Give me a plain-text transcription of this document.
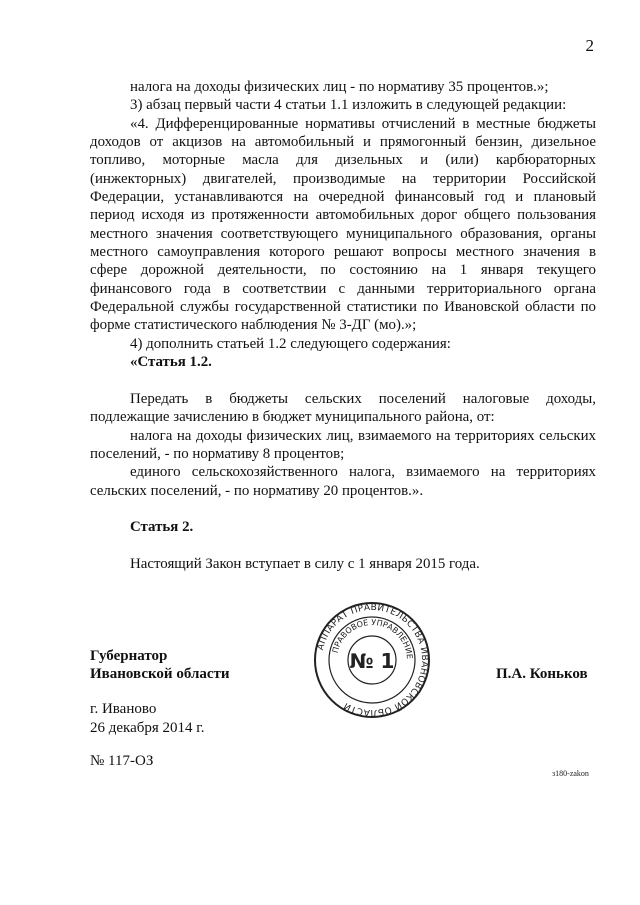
2

налога на доходы физических лиц - по нормативу 35 процентов.»;

3) абзац первый части 4 статьи 1.1 изложить в следующей редакции:

«4. Дифференцированные нормативы отчислений в местные бюджеты доходов от акцизов на автомобильный и прямогонный бензин, дизельное топливо, моторные масла для дизельных и (или) карбюраторных (инжекторных) двигателей, производимые на территории Российской Федерации, устанавливаются на очередной финансовый год и плановый период исходя из протяженности автомобильных дорог общего пользования местного значения соответствующего муниципального образования, органы местного самоуправления которого решают вопросы местного значения в сфере дорожной деятельности, по состоянию на 1 января текущего финансового года в соответствии с данными территориального органа Федеральной службы государственной статистики по Ивановской области по форме статистического наблюдения № 3-ДГ (мо).»;

4) дополнить статьей 1.2 следующего содержания:

«Статья 1.2.

Передать в бюджеты сельских поселений налоговые доходы, подлежащие зачислению в бюджет муниципального района, от:

налога на доходы физических лиц, взимаемого на территориях сельских поселений, - по нормативу 8 процентов;

единого сельскохозяйственного налога, взимаемого на территориях сельских поселений, - по нормативу 20 процентов.».

Статья 2.

Настоящий Закон вступает в силу с 1 января 2015 года.

Губернатор
Ивановской области	П.А. Коньков
АППАРАТ ПРАВИТЕЛЬСТВА ИВАНОВСКОЙ ОБЛАСТИ
ПРАВОВОЕ УПРАВЛЕНИЕ
№ 1
г. Иваново
26 декабря 2014 г.
№ 117-ОЗ
з180-zakon
